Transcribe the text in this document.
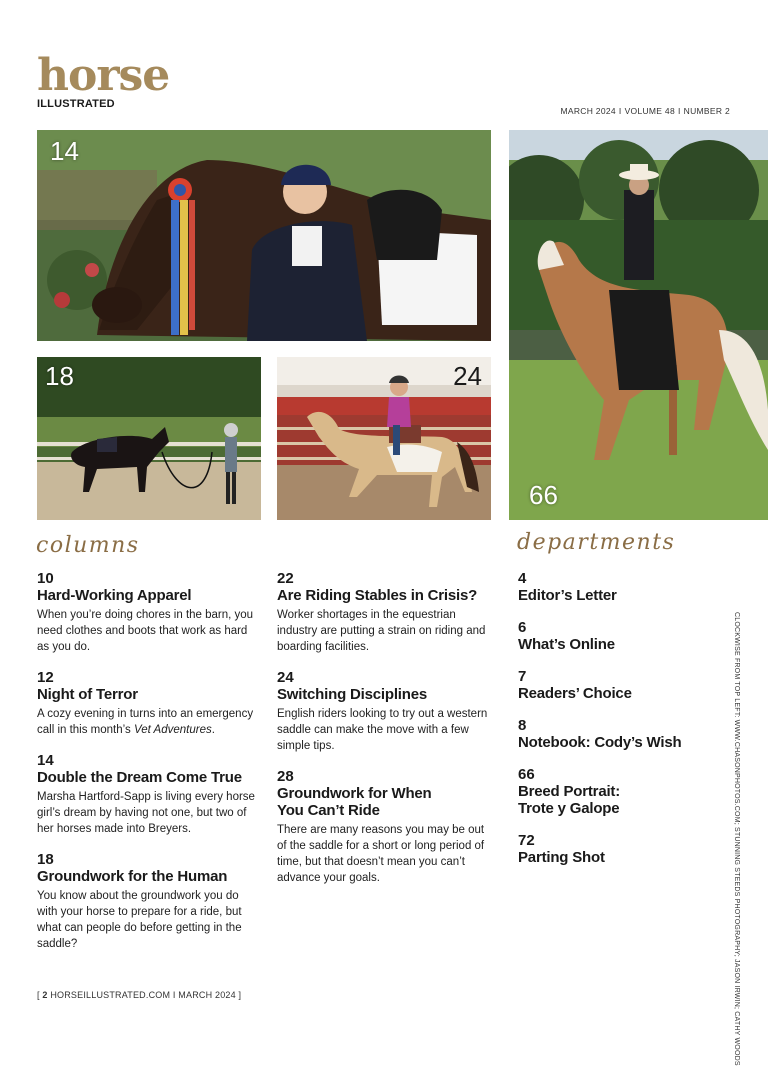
horse
ILLUSTRATED
MARCH 2024 I VOLUME 48 I NUMBER 2
14
66
18	24
columns	departments
10
Hard-Working Apparel
When you’re doing chores in the barn, you need clothes and boots that work as hard as you do.
12
Night of Terror
A cozy evening in turns into an emergency call in this month’s Vet Adventures.
14
Double the Dream Come True
Marsha Hartford-Sapp is living every horse girl’s dream by having not one, but two of her horses made into Breyers.
18
Groundwork for the Human
You know about the groundwork you do with your horse to prepare for a ride, but what can people do before getting in the saddle?
22
Are Riding Stables in Crisis?
Worker shortages in the equestrian industry are putting a strain on riding and boarding facilities.
24
Switching Disciplines
English riders looking to try out a western saddle can make the move with a few simple tips.
28
Groundwork for When
You Can’t Ride
There are many reasons you may be out of the saddle for a short or long period of time, but that doesn’t mean you can’t advance your goals.
4
Editor’s Letter
6
What’s Online
7
Readers’ Choice
8
Notebook: Cody’s Wish
66
Breed Portrait:
Trote y Galope
72
Parting Shot	CLOCKWISE FROM TOP LEFT: WWW.CHASONPHOTOS.COM; STUNNING STEEDS PHOTOGRAPHY; JASON IRWIN; CATHY WOODS
[ 2 HORSEILLUSTRATED.COM I MARCH 2024 ]
